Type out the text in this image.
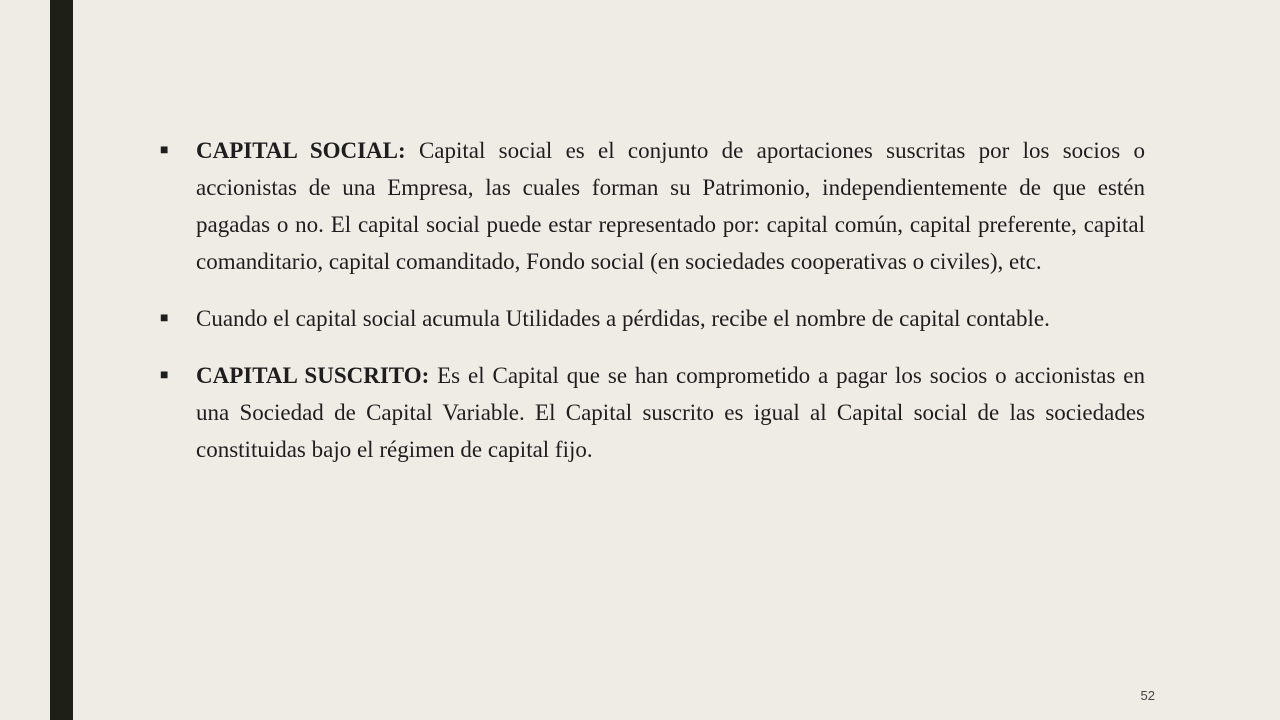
■	CAPITAL SOCIAL: Capital social es el conjunto de aportaciones suscritas por los socios o accionistas de una Empresa, las cuales forman su Patrimonio, independientemente de que estén pagadas o no. El capital social puede estar representado por: capital común, capital preferente, capital comanditario, capital comanditado, Fondo social (en sociedades cooperativas o civiles), etc.

■	Cuando el capital social acumula Utilidades a pérdidas, recibe el nombre de capital contable.

■	CAPITAL SUSCRITO: Es el Capital que se han comprometido a pagar los socios o accionistas en una Sociedad de Capital Variable. El Capital suscrito es igual al Capital social de las sociedades constituidas bajo el régimen de capital fijo.

52
